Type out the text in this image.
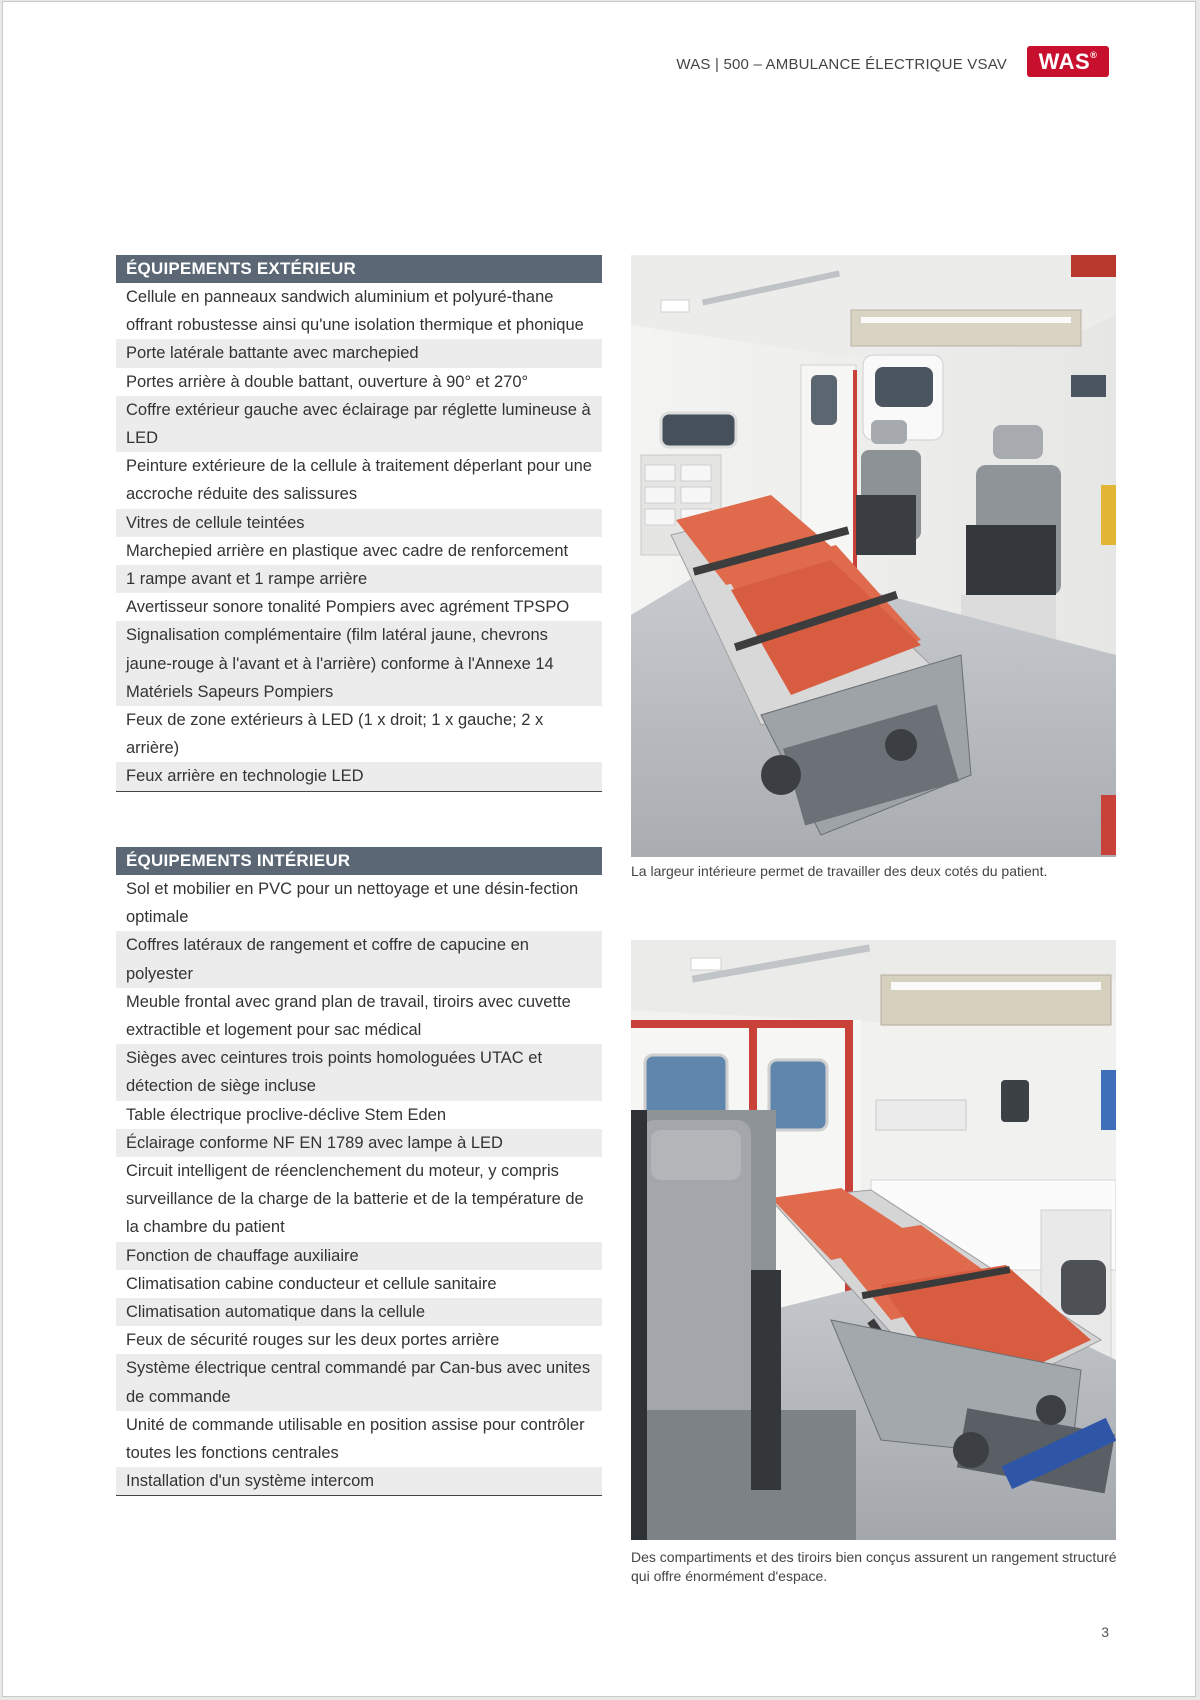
WAS | 500 – AMBULANCE ÉLECTRIQUE VSAV	WAS®
ÉQUIPEMENTS EXTÉRIEUR
Cellule en panneaux sandwich aluminium et polyuré-thane offrant robustesse ainsi qu'une isolation thermique et phonique
Porte latérale battante avec marchepied
Portes arrière à double battant, ouverture à 90° et 270°
Coffre extérieur gauche avec éclairage par réglette lumineuse à LED
Peinture extérieure de la cellule à traitement déperlant pour une accroche réduite des salissures
Vitres de cellule teintées
Marchepied arrière en plastique avec cadre de renforcement
1 rampe avant et 1 rampe arrière
Avertisseur sonore tonalité Pompiers avec agrément TPSPO
Signalisation complémentaire (film latéral jaune, chevrons jaune-rouge à l'avant et à l'arrière) conforme à l'Annexe 14 Matériels Sapeurs Pompiers
Feux de zone extérieurs à LED (1 x droit; 1 x gauche; 2 x arrière)
Feux arrière en technologie LED
ÉQUIPEMENTS INTÉRIEUR
Sol et mobilier en PVC pour un nettoyage et une désin-fection optimale
Coffres latéraux de rangement et coffre de capucine en polyester
Meuble frontal avec grand plan de travail, tiroirs avec cuvette extractible et logement pour sac médical
Sièges avec ceintures trois points homologuées UTAC et détection de siège incluse
Table électrique proclive-déclive Stem Eden
Éclairage conforme NF EN 1789 avec lampe à LED
Circuit intelligent de réenclenchement du moteur, y compris surveillance de la charge de la batterie et de la température de la chambre du patient
Fonction de chauffage auxiliaire
Climatisation cabine conducteur et cellule sanitaire
Climatisation automatique dans la cellule
Feux de sécurité rouges sur les deux portes arrière
Système électrique central commandé par Can-bus avec unites de commande
Unité de commande utilisable en position assise pour contrôler toutes les fonctions centrales
Installation d'un système intercom
La largeur intérieure permet de travailler des deux cotés du patient.
Des compartiments et des tiroirs bien conçus assurent un rangement structuré qui offre énormément d'espace.
3
